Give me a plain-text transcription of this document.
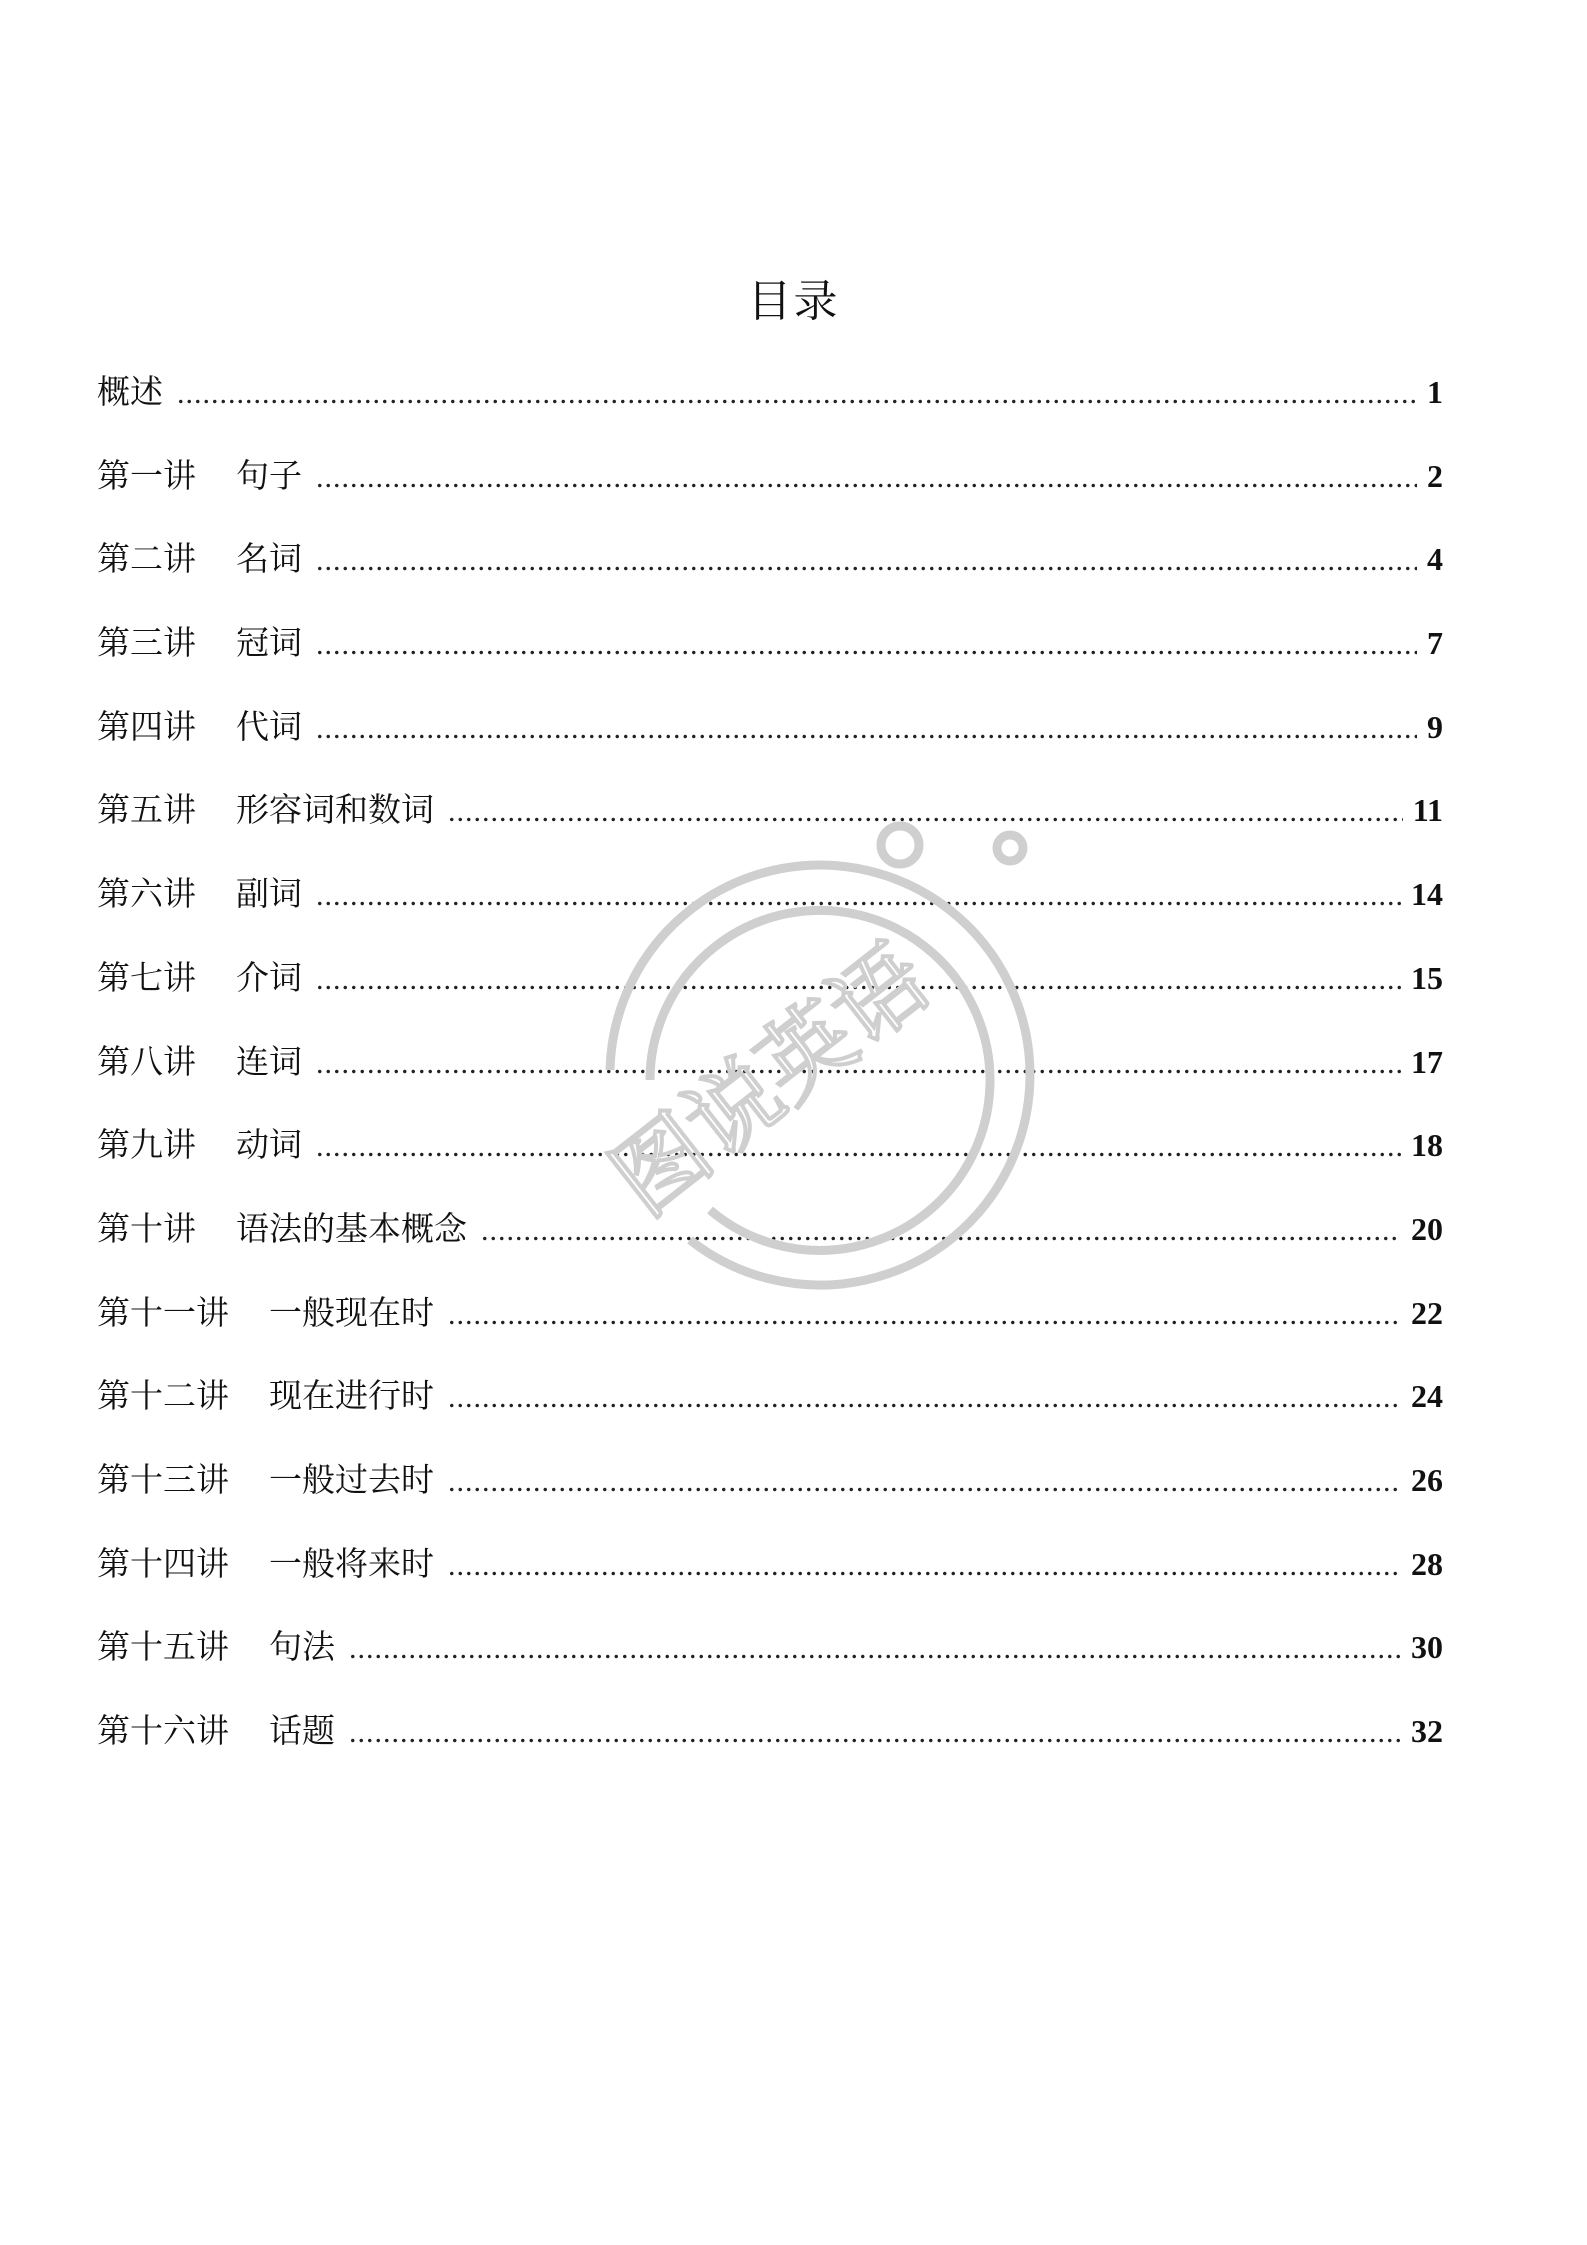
目录
概述 .....	1
第一讲 句子 .....	2
第二讲 名词 .....	4
第三讲 冠词 .....	7
第四讲 代词 .....	9
第五讲 形容词和数词 .....	11
第六讲 副词 .....	14
第七讲 介词 .....	15
第八讲 连词 .....	17
第九讲 动词 .....	18
第十讲 语法的基本概念 .....	20
第十一讲 一般现在时 .....	22
第十二讲 现在进行时 .....	24
第十三讲 一般过去时 .....	26
第十四讲 一般将来时 .....	28
第十五讲 句法 .....	30
第十六讲 话题 .....	32
图说英语
